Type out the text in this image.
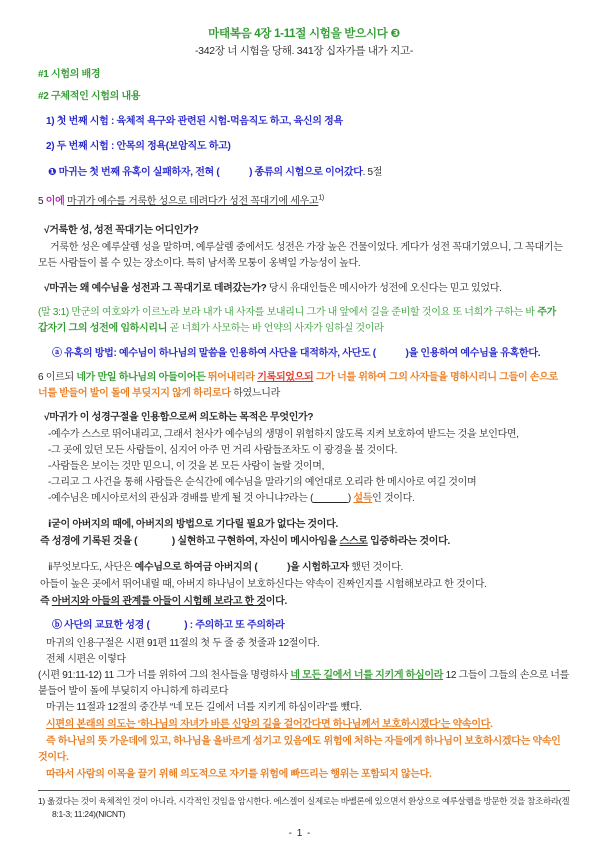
마태복음 4장 1-11절 시험을 받으시다 ❸
-342장 너 시험을 당해. 341장 십자가를 내가 지고-
#1 시험의 배경
#2 구체적인 시험의 내용
1) 첫 번째 시험 : 육체적 욕구와 관련된 시험-먹음직도 하고, 육신의 정욕
2) 두 번째 시험 : 안목의 정욕(보암직도 하고)
❶ 마귀는 첫 번째 유혹이 실패하자, 전혀 (            ) 종류의 시험으로 이어갔다. 5절
5 이에 마귀가 예수를 거룩한 성으로 데려다가 성전 꼭대기에 세우고$^{1)}$
√거룩한 성, 성전 꼭대기는 어디인가?
거룩한 성은 예루살렘 성을 말하며, 예루살렘 중에서도 성전은 가장 높은 건물이었다. 게다가 성전 꼭대기였으니, 그 꼭대기는 모든 사람들이 볼 수 있는 장소이다. 특히 남서쪽 모퉁이 옹벽일 가능성이 높다.
√마귀는 왜 예수님을 성전과 그 꼭대기로 데려갔는가? 당시 유대인들은 메시아가 성전에 오신다는 믿고 있었다.
(말 3:1) 만군의 여호와가 이르노라 보라 내가 내 사자를 보내리니 그가 내 앞에서 길을 준비할 것이요 또 너희가 구하는 바 주가 갑자기 그의 성전에 임하시리니 곧 너희가 사모하는 바 언약의 사자가 임하실 것이라
ⓐ 유혹의 방법: 예수님이 하나님의 말씀을 인용하여 사단을 대적하자, 사단도 (            )을 인용하여 예수님을 유혹한다.
6 이르되 네가 만일 하나님의 아들이어든 뛰어내리라 기록되었으되 그가 너를 위하여 그의 사자들을 명하시리니 그들이 손으로 너를 받들어 발이 돌에 부딪지지 않게 하리로다 하였느니라
√마귀가 이 성경구절을 인용함으로써 의도하는 목적은 무엇인가?
-예수가 스스로 뛰어내리고, 그래서 천사가 예수님의 생명이 위험하지 않도록 지켜 보호하여 받드는 것을 보인다면,
-그 곳에 있던 모든 사람들이, 심지어 아주 먼 거리 사람들조차도 이 광경을 볼 것이다.
-사람들은 보이는 것만 믿으니, 이 것을 본 모든 사람이 놀랄 것이며,
-그리고 그 사건을 통해 사람들은 순식간에 예수님을 말라기의 예언대로 오리라 한 메시아로 여길 것이며
-예수님은 메시아로서의 관심과 경배를 받게 될 것 아니냐?라는 (	) 설득인 것이다.
ⅰ굳이 아버지의 때에, 아버지의 방법으로 기다릴 필요가 없다는 것이다.
즉 성경에 기록된 것을 (              ) 실현하고 구현하여, 자신이 메시아임을 스스로 입증하라는 것이다.
ⅱ무엇보다도, 사단은 예수님으로 하여금 아버지의 (            )을 시험하고자 했던 것이다.
아들이 높은 곳에서 뛰어내릴 때, 아버지 하나님이 보호하신다는 약속이 진짜인지를 시험해보라고 한 것이다.
즉 아버지와 아들의 관계를 아들이 시험해 보라고 한 것이다.
ⓑ 사단의 교묘한 성경 (              ) : 주의하고 또 주의하라
마귀의 인용구절은 시편 91편 11절의 첫 두 줄 중 첫줄과 12절이다.
전체 시편은 이렇다
(시편 91:11-12) 11 그가 너를 위하여 그의 천사들을 명령하사 네 모든 길에서 너를 지키게 하심이라 12 그들이 그들의 손으로 너를 붙들어 발이 돌에 부딪히지 아니하게 하리로다
마귀는 11절과 12절의 중간부 “네 모든 길에서 너를 지키게 하심이라”를 뺐다.
시편의 본래의 의도는 ‘하나님의 자녀가 바른 신앙의 길을 걸어간다면 하나님께서 보호하시겠다’는 약속이다.
즉 하나님의 뜻 가운데에 있고, 하나님을 올바르게 섬기고 있음에도 위험에 처하는 자들에게 하나님이 보호하시겠다는 약속인 것이다.
따라서 사람의 이목을 끌기 위해 의도적으로 자기를 위험에 빠뜨리는 행위는 포함되지 않는다.
1) 옮겼다는 것이 육체적인 것이 아니라, 시각적인 것임을 암시한다. 에스겔이 실제로는 바벨론에 있으면서 환상으로 예루살렘을 방문한 것을 참조하라(겔 8:1-3; 11:24)(NICNT)
- 1 -
